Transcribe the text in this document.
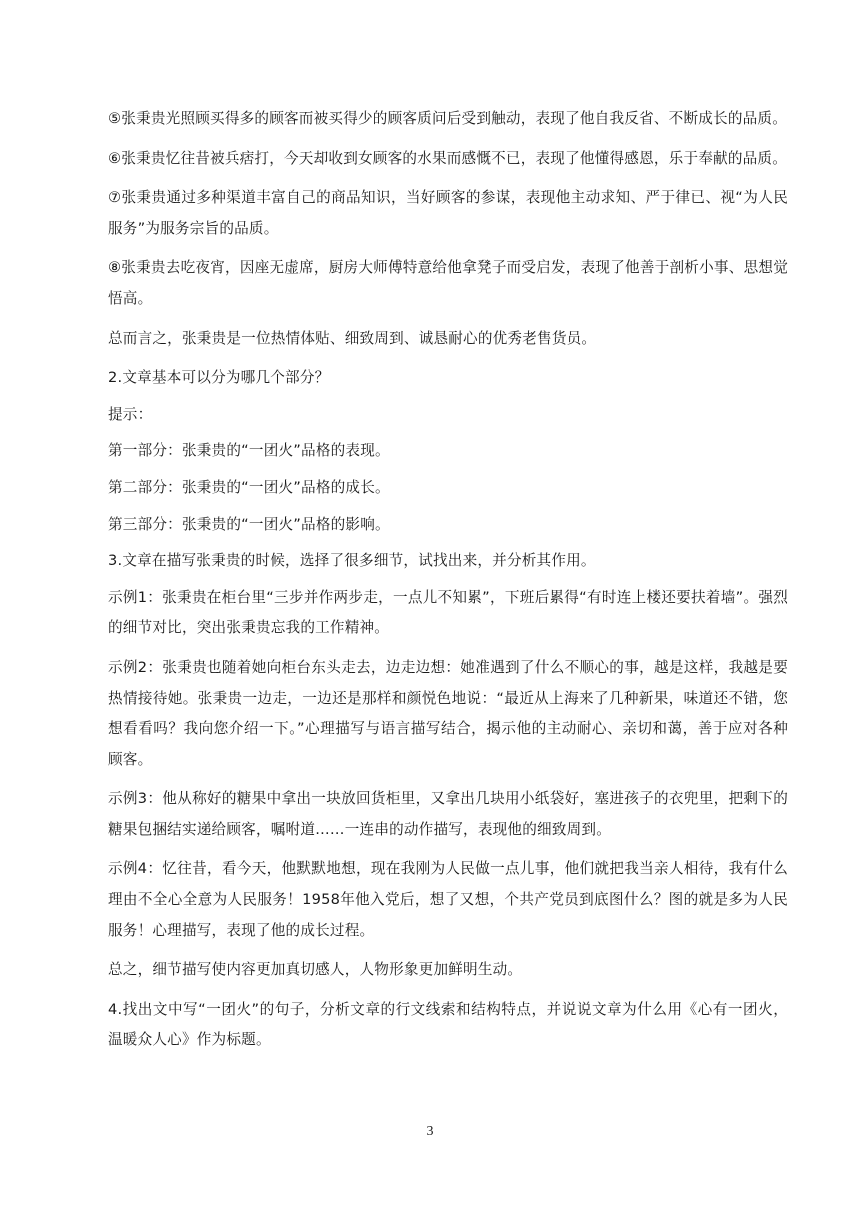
⑤张秉贵光照顾买得多的顾客而被买得少的顾客质问后受到触动，表现了他自我反省、不断成长的品质。

⑥张秉贵忆往昔被兵痞打，今天却收到女顾客的水果而感慨不已，表现了他懂得感恩，乐于奉献的品质。

⑦张秉贵通过多种渠道丰富自己的商品知识，当好顾客的参谋，表现他主动求知、严于律已、视“为人民服务”为服务宗旨的品质。

⑧张秉贵去吃夜宵，因座无虚席，厨房大师傅特意给他拿凳子而受启发，表现了他善于剖析小事、思想觉悟高。

总而言之，张秉贵是一位热情体贴、细致周到、诚恳耐心的优秀老售货员。

2.文章基本可以分为哪几个部分？

提示：

第一部分：张秉贵的“一团火”品格的表现。

第二部分：张秉贵的“一团火”品格的成长。

第三部分：张秉贵的“一团火”品格的影响。

3.文章在描写张秉贵的时候，选择了很多细节，试找出来，并分析其作用。

示例1：张秉贵在柜台里“三步并作两步走，一点儿不知累”，下班后累得“有时连上楼还要扶着墙”。强烈的细节对比，突出张秉贵忘我的工作精神。

示例2：张秉贵也随着她向柜台东头走去，边走边想：她准遇到了什么不顺心的事，越是这样，我越是要热情接待她。张秉贵一边走，一边还是那样和颜悦色地说：“最近从上海来了几种新果，味道还不错，您想看看吗？我向您介绍一下。”心理描写与语言描写结合，揭示他的主动耐心、亲切和蔼，善于应对各种顾客。

示例3：他从称好的糖果中拿出一块放回货柜里，又拿出几块用小纸袋好，塞进孩子的衣兜里，把剩下的糖果包捆结实递给顾客，嘱咐道……一连串的动作描写，表现他的细致周到。

示例4：忆往昔，看今天，他默默地想，现在我刚为人民做一点儿事，他们就把我当亲人相待，我有什么理由不全心全意为人民服务！1958年他入党后，想了又想，个共产党员到底图什么？图的就是多为人民服务！心理描写，表现了他的成长过程。

总之，细节描写使内容更加真切感人，人物形象更加鲜明生动。

4.找出文中写“一团火”的句子，分析文章的行文线索和结构特点，并说说文章为什么用《心有一团火，温暖众人心》作为标题。

3
